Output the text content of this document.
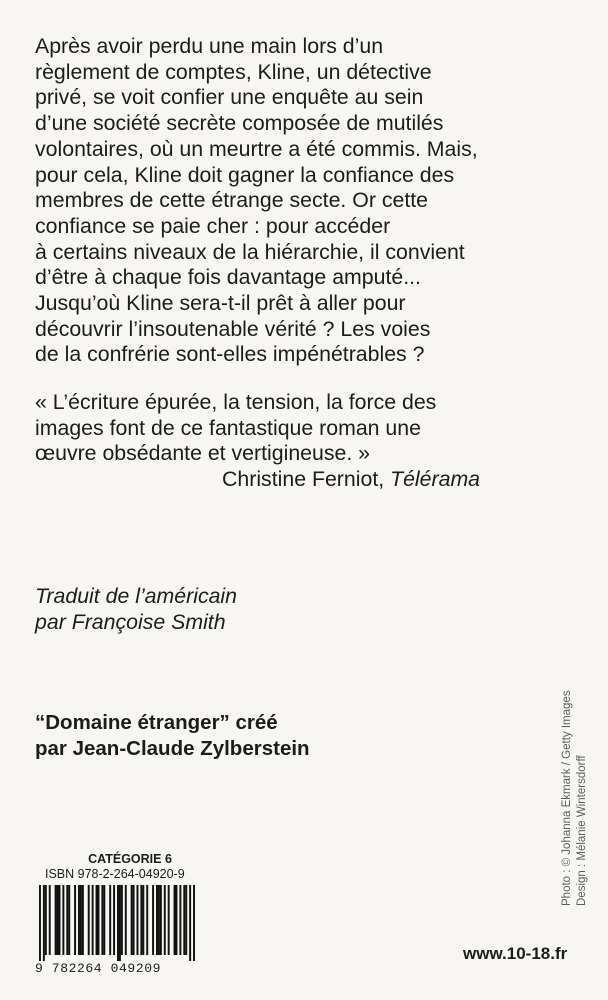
Après avoir perdu une main lors d’un
règlement de comptes, Kline, un détective
privé, se voit confier une enquête au sein
d’une société secrète composée de mutilés
volontaires, où un meurtre a été commis. Mais,
pour cela, Kline doit gagner la confiance des
membres de cette étrange secte. Or cette
confiance se paie cher : pour accéder
à certains niveaux de la hiérarchie, il convient
d’être à chaque fois davantage amputé...
Jusqu’où Kline sera-t-il prêt à aller pour
découvrir l’insoutenable vérité ? Les voies
de la confrérie sont-elles impénétrables ?
« L’écriture épurée, la tension, la force des
images font de ce fantastique roman une
œuvre obsédante et vertigineuse. »
Christine Ferniot, Télérama
Traduit de l’américain
par Françoise Smith
“Domaine étranger” créé
par Jean-Claude Zylberstein	Photo : © Johanna Ekmark / Getty Images Design : Mélanie Wintersdorff
CATÉGORIE 6
ISBN 978-2-264-04920-9
9 782264 049209
www.10-18.fr
